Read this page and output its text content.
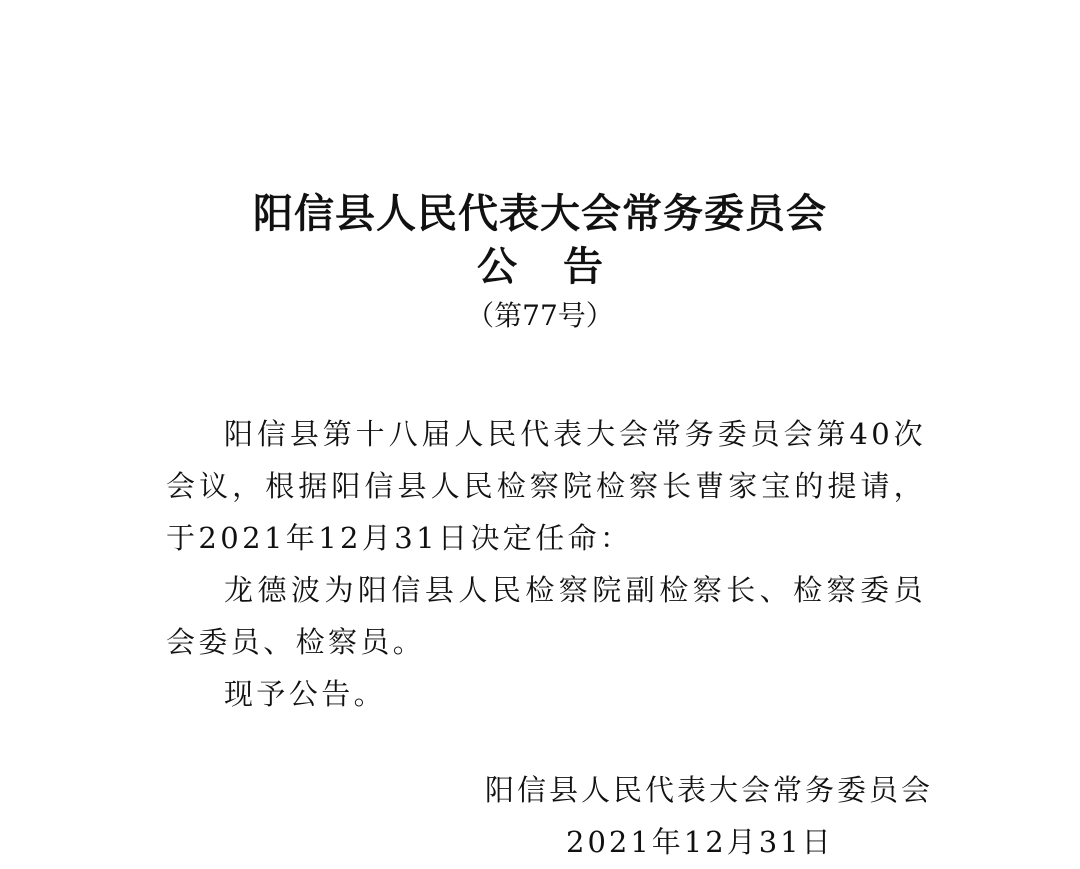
阳信县人民代表大会常务委员会
公告
（第77号）

阳信县第十八届人民代表大会常务委员会第40次会议，根据阳信县人民检察院检察长曹家宝的提请，于2021年12月31日决定任命：

龙德波为阳信县人民检察院副检察长、检察委员会委员、检察员。

现予公告。

阳信县人民代表大会常务委员会
2021年12月31日
